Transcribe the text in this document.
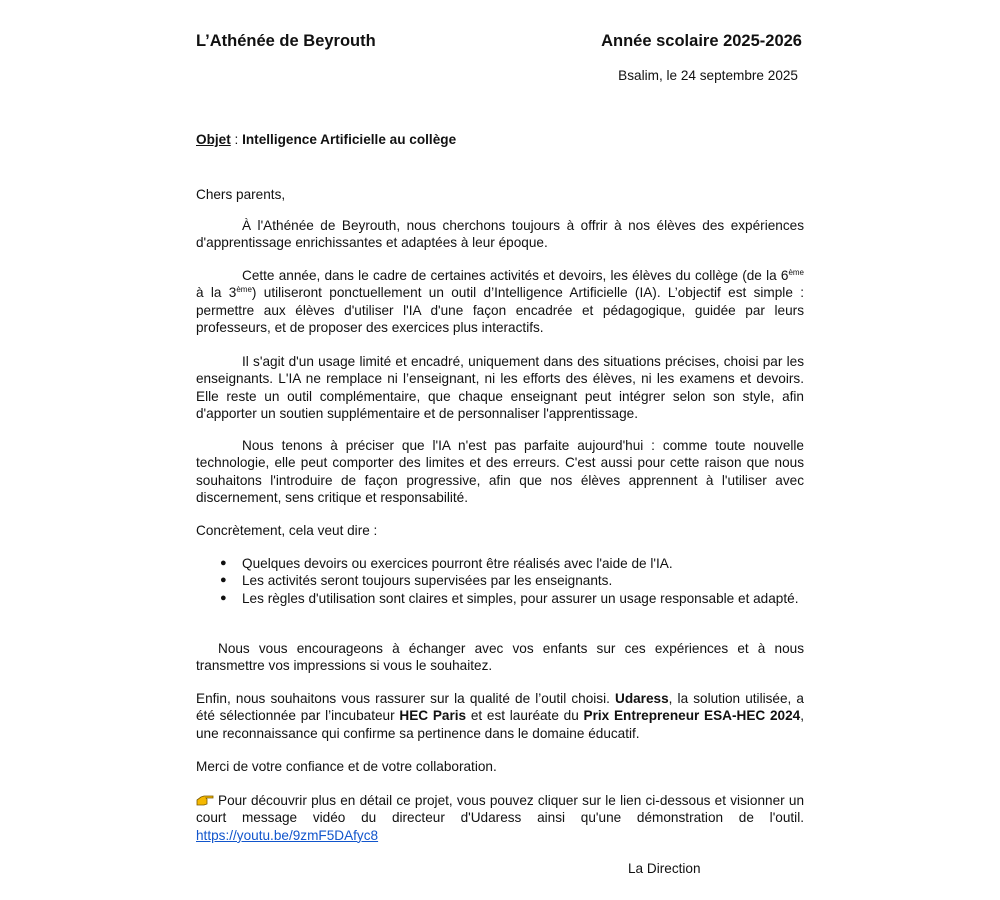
L’Athénée de Beyrouth	Année scolaire 2025-2026
Bsalim, le 24 septembre 2025
Objet : Intelligence Artificielle au collège
Chers parents,
À l'Athénée de Beyrouth, nous cherchons toujours à offrir à nos élèves des expériences d'apprentissage enrichissantes et adaptées à leur époque.
Cette année, dans le cadre de certaines activités et devoirs, les élèves du collège (de la 6ème à la 3ème) utiliseront ponctuellement un outil d’Intelligence Artificielle (IA). L’objectif est simple : permettre aux élèves d'utiliser l'IA d'une façon encadrée et pédagogique, guidée par leurs professeurs, et de proposer des exercices plus interactifs.
Il s'agit d'un usage limité et encadré, uniquement dans des situations précises, choisi par les enseignants. L'IA ne remplace ni l’enseignant, ni les efforts des élèves, ni les examens et devoirs. Elle reste un outil complémentaire, que chaque enseignant peut intégrer selon son style, afin d'apporter un soutien supplémentaire et de personnaliser l'apprentissage.
Nous tenons à préciser que l'IA n'est pas parfaite aujourd'hui : comme toute nouvelle technologie, elle peut comporter des limites et des erreurs. C'est aussi pour cette raison que nous souhaitons l'introduire de façon progressive, afin que nos élèves apprennent à l'utiliser avec discernement, sens critique et responsabilité.
Concrètement, cela veut dire :
● Quelques devoirs ou exercices pourront être réalisés avec l'aide de l'IA.
● Les activités seront toujours supervisées par les enseignants.
● Les règles d'utilisation sont claires et simples, pour assurer un usage responsable et adapté.
Nous vous encourageons à échanger avec vos enfants sur ces expériences et à nous transmettre vos impressions si vous le souhaitez.
Enfin, nous souhaitons vous rassurer sur la qualité de l’outil choisi. Udaress, la solution utilisée, a été sélectionnée par l’incubateur HEC Paris et est lauréate du Prix Entrepreneur ESA-HEC 2024, une reconnaissance qui confirme sa pertinence dans le domaine éducatif.
Merci de votre confiance et de votre collaboration.
Pour découvrir plus en détail ce projet, vous pouvez cliquer sur le lien ci-dessous et visionner un court message vidéo du directeur d'Udaress ainsi qu'une démonstration de l'outil. https://youtu.be/9zmF5DAfyc8
La Direction
